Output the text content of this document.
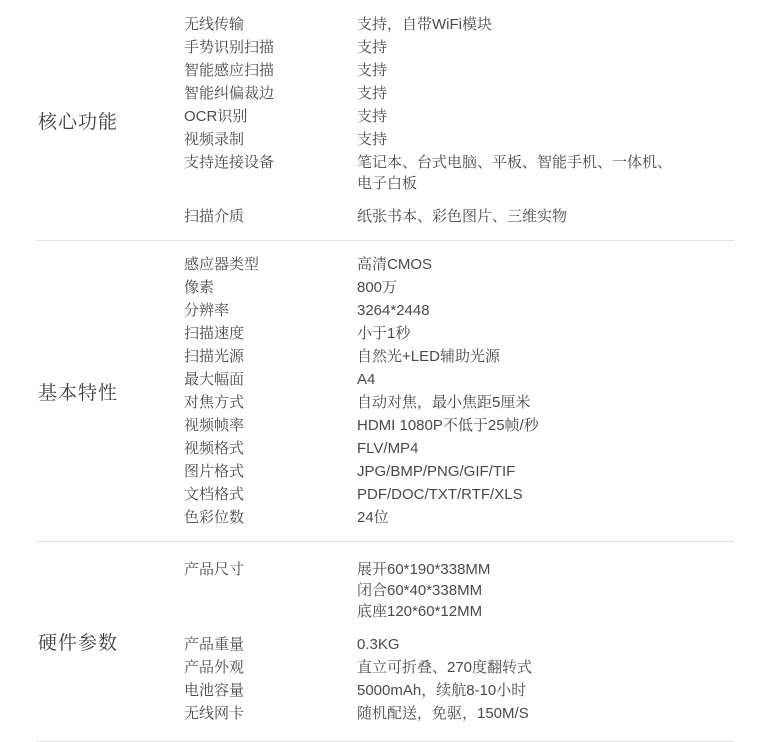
核心功能
无线传输	支持，自带WiFi模块
手势识别扫描	支持
智能感应扫描	支持
智能纠偏裁边	支持
OCR识别	支持
视频录制	支持
支持连接设备	笔记本、台式电脑、平板、智能手机、一体机、
电子白板
扫描介质	纸张书本、彩色图片、三维实物
基本特性
感应器类型	高清CMOS
像素	800万
分辨率	3264*2448
扫描速度	小于1秒
扫描光源	自然光+LED辅助光源
最大幅面	A4
对焦方式	自动对焦，最小焦距5厘米
视频帧率	HDMI 1080P不低于25帧/秒
视频格式	FLV/MP4
图片格式	JPG/BMP/PNG/GIF/TIF
文档格式	PDF/DOC/TXT/RTF/XLS
色彩位数	24位
硬件参数
产品尺寸	展开60*190*338MM
闭合60*40*338MM
底座120*60*12MM
产品重量	0.3KG
产品外观	直立可折叠、270度翻转式
电池容量	5000mAh，续航8-10小时
无线网卡	随机配送，免驱，150M/S
